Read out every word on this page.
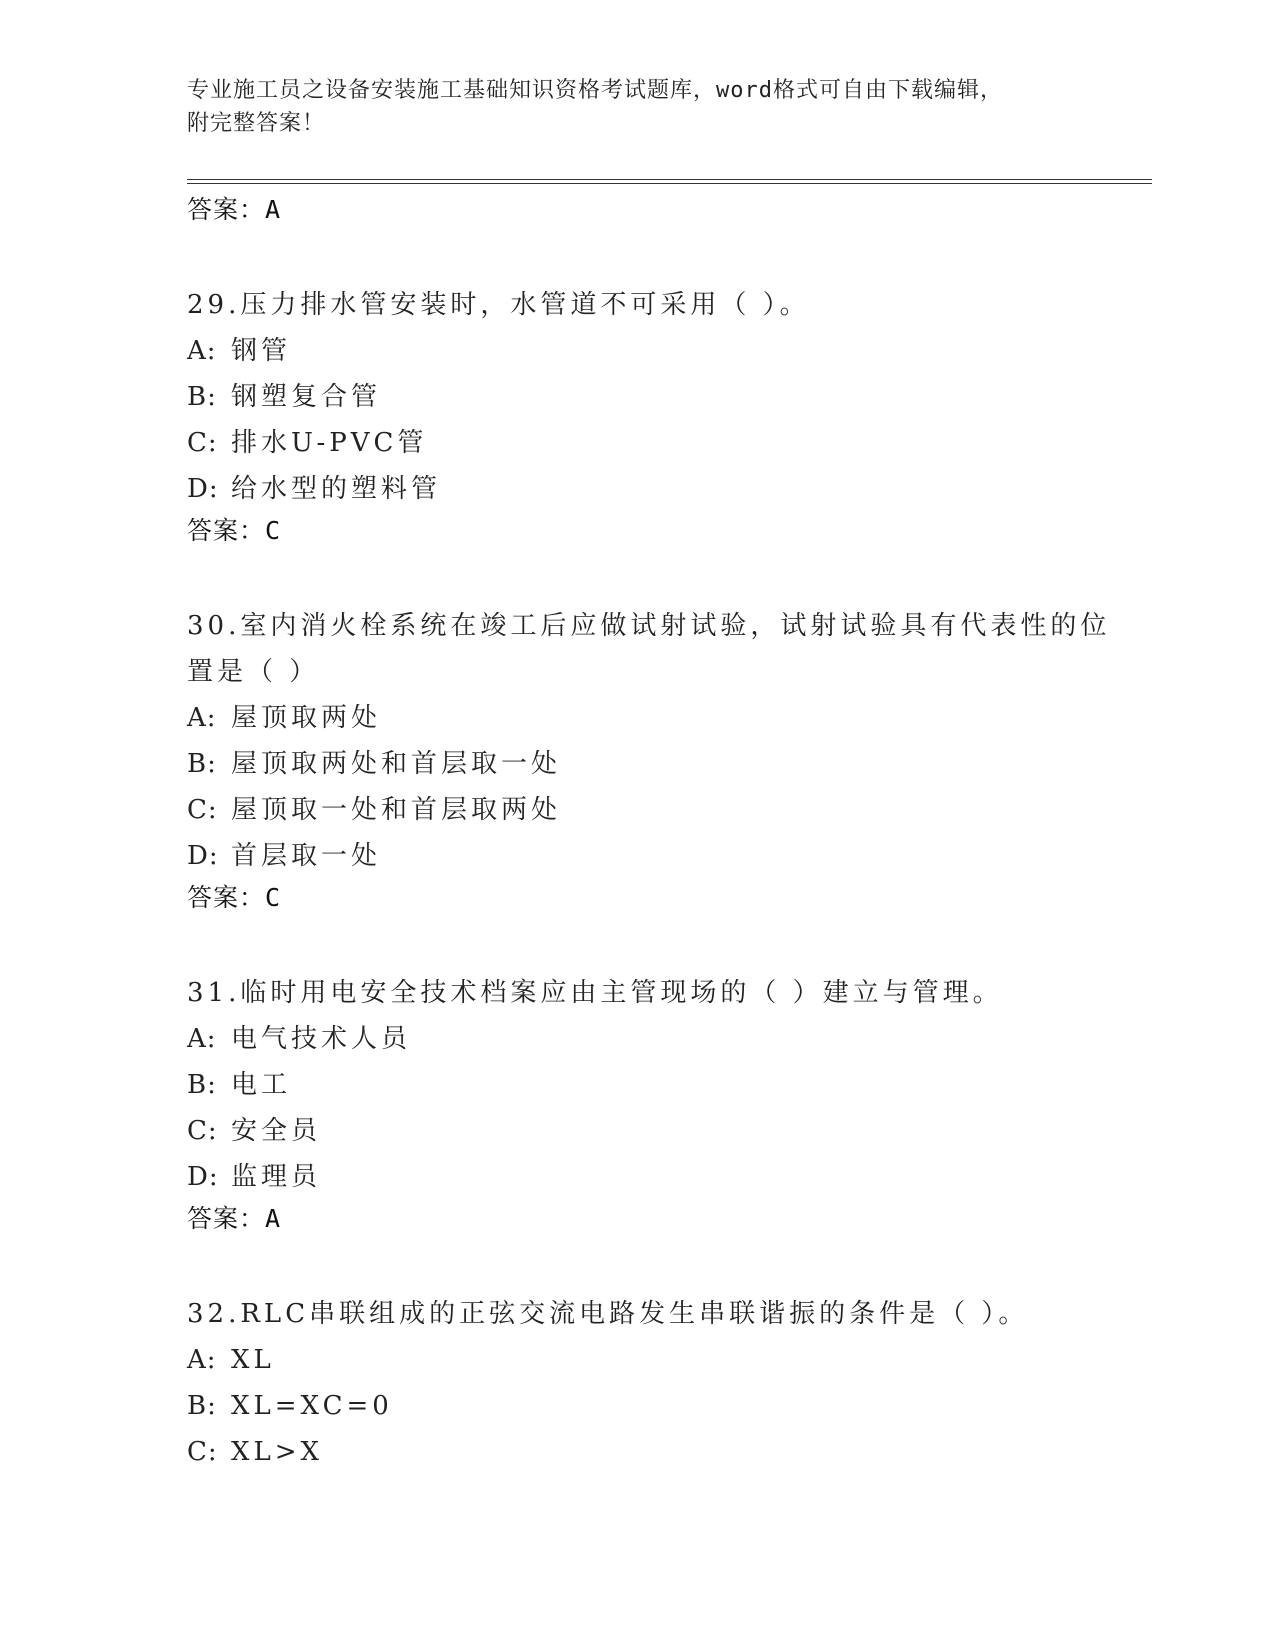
专业施工员之设备安装施工基础知识资格考试题库，word格式可自由下载编辑，
附完整答案！
答案：A
29.压力排水管安装时，水管道不可采用（ ）。
A: 钢管
B: 钢塑复合管
C: 排水U-PVC管
D: 给水型的塑料管
答案：C
30.室内消火栓系统在竣工后应做试射试验，试射试验具有代表性的位
置是（ ）
A: 屋顶取两处
B: 屋顶取两处和首层取一处
C: 屋顶取一处和首层取两处
D: 首层取一处
答案：C
31.临时用电安全技术档案应由主管现场的（ ）建立与管理。
A: 电气技术人员
B: 电工
C: 安全员
D: 监理员
答案：A
32.RLC串联组成的正弦交流电路发生串联谐振的条件是（ ）。
A: XL
B: XL=XC=0
C: XL>X
